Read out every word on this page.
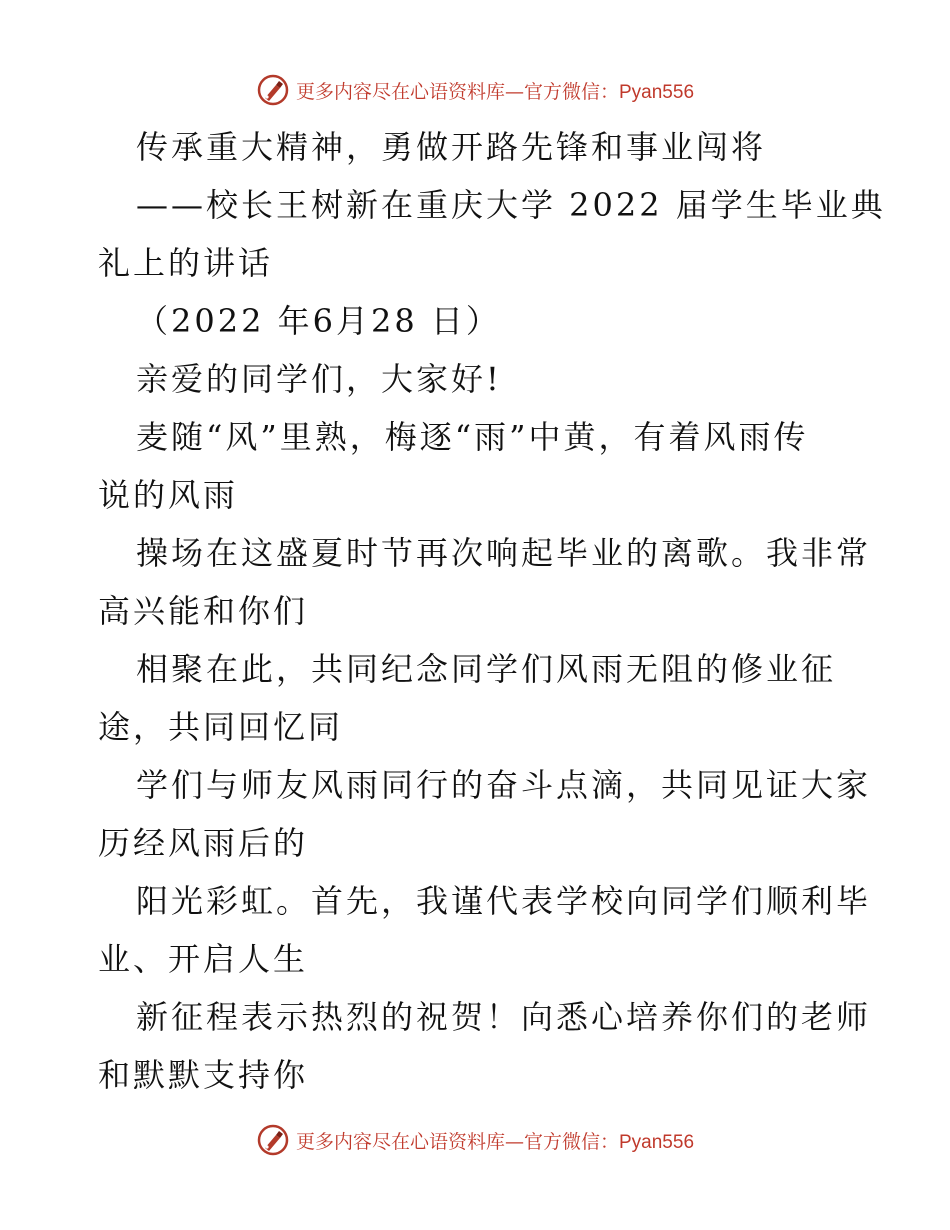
更多内容尽在心语资料库—官方微信：Pyan556
传承重大精神，勇做开路先锋和事业闯将
——校长王树新在重庆大学 2022 届学生毕业典
礼上的讲话
（2022 年6月28 日）
亲爱的同学们，大家好!
麦随“风”里熟，梅逐“雨”中黄，有着风雨传
说的风雨
操场在这盛夏时节再次响起毕业的离歌。我非常
高兴能和你们
相聚在此，共同纪念同学们风雨无阻的修业征
途，共同回忆同
学们与师友风雨同行的奋斗点滴，共同见证大家
历经风雨后的
阳光彩虹。首先，我谨代表学校向同学们顺利毕
业、开启人生
新征程表示热烈的祝贺！向悉心培养你们的老师
和默默支持你
更多内容尽在心语资料库—官方微信：Pyan556
